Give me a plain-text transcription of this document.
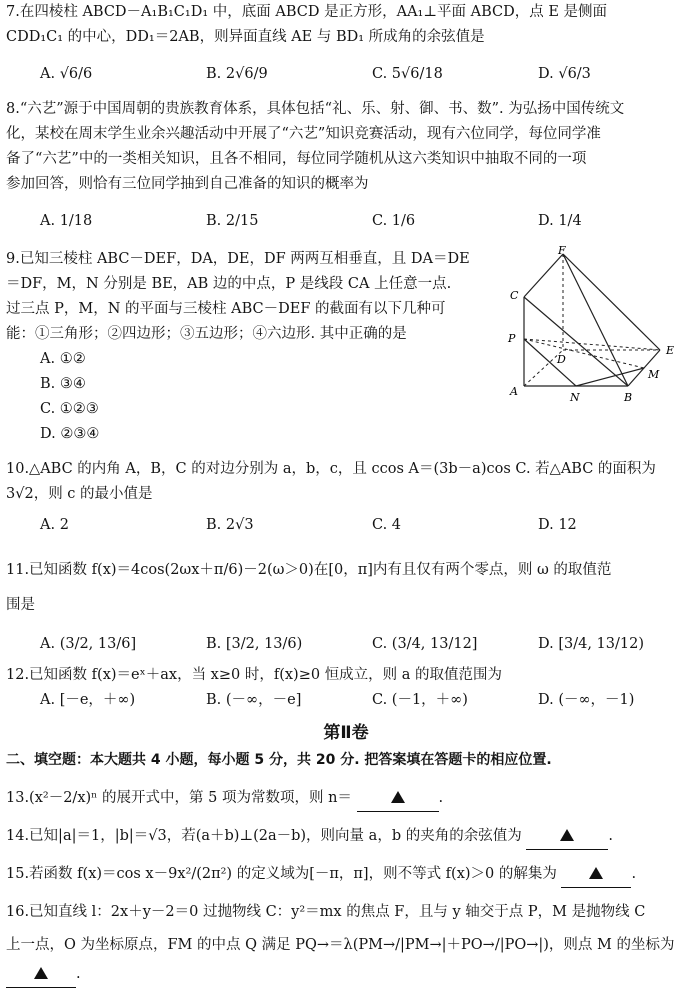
7.在四棱柱 ABCD－A₁B₁C₁D₁ 中，底面 ABCD 是正方形，AA₁⊥平面 ABCD，点 E 是侧面

CDD₁C₁ 的中心，DD₁＝2AB，则异面直线 AE 与 BD₁ 所成角的余弦值是

A. √6/6	B. 2√6/9	C. 5√6/18	D. √6/3

8.“六艺”源于中国周朝的贵族教育体系，具体包括“礼、乐、射、御、书、数”. 为弘扬中国传统文

化，某校在周末学生业余兴趣活动中开展了“六艺”知识竞赛活动，现有六位同学，每位同学准

备了“六艺”中的一类相关知识，且各不相同，每位同学随机从这六类知识中抽取不同的一项

参加回答，则恰有三位同学抽到自己准备的知识的概率为

A. 1/18	B. 2/15	C. 1/6	D. 1/4

9.已知三棱柱 ABC－DEF，DA，DE，DF 两两互相垂直，且 DA＝DE

＝DF，M，N 分别是 BE，AB 边的中点，P 是线段 CA 上任意一点.

过三点 P，M，N 的平面与三棱柱 ABC－DEF 的截面有以下几种可

能：①三角形；②四边形；③五边形；④六边形. 其中正确的是

A. ①②
B. ③④
C. ①②③
D. ②③④
F
C
P
D
E
M
A	N	B

10.△ABC 的内角 A，B，C 的对边分别为 a，b，c，且 ccos A＝(3b－a)cos C. 若△ABC 的面积为

3√2，则 c 的最小值是

A. 2	B. 2√3	C. 4	D. 12

11.已知函数 f(x)＝4cos(2ωx＋π/6)－2(ω＞0)在[0，π]内有且仅有两个零点，则 ω 的取值范

围是

A. (3/2, 13/6]	B. [3/2, 13/6)	C. (3/4, 13/12]	D. [3/4, 13/12)

12.已知函数 f(x)＝eˣ＋ax，当 x≥0 时，f(x)≥0 恒成立，则 a 的取值范围为

A. [－e，＋∞)	B. (－∞，－e]	C. (－1，＋∞)	D. (－∞，－1)
第Ⅱ卷
二、填空题：本大题共 4 小题，每小题 5 分，共 20 分. 把答案填在答题卡的相应位置.
13.(x²－2/x)ⁿ 的展开式中，第 5 项为常数项，则 n＝	.
14.已知|a|＝1，|b|＝√3，若(a＋b)⊥(2a－b)，则向量 a，b 的夹角的余弦值为	.
15.若函数 f(x)＝cos x－9x²/(2π²) 的定义域为[－π，π]，则不等式 f(x)＞0 的解集为	.

16.已知直线 l：2x＋y－2＝0 过抛物线 C：y²＝mx 的焦点 F，且与 y 轴交于点 P，M 是抛物线 C

上一点，O 为坐标原点，FM 的中点 Q 满足 PQ→＝λ(PM→/|PM→|＋PO→/|PO→|)，则点 M 的坐标为

.
